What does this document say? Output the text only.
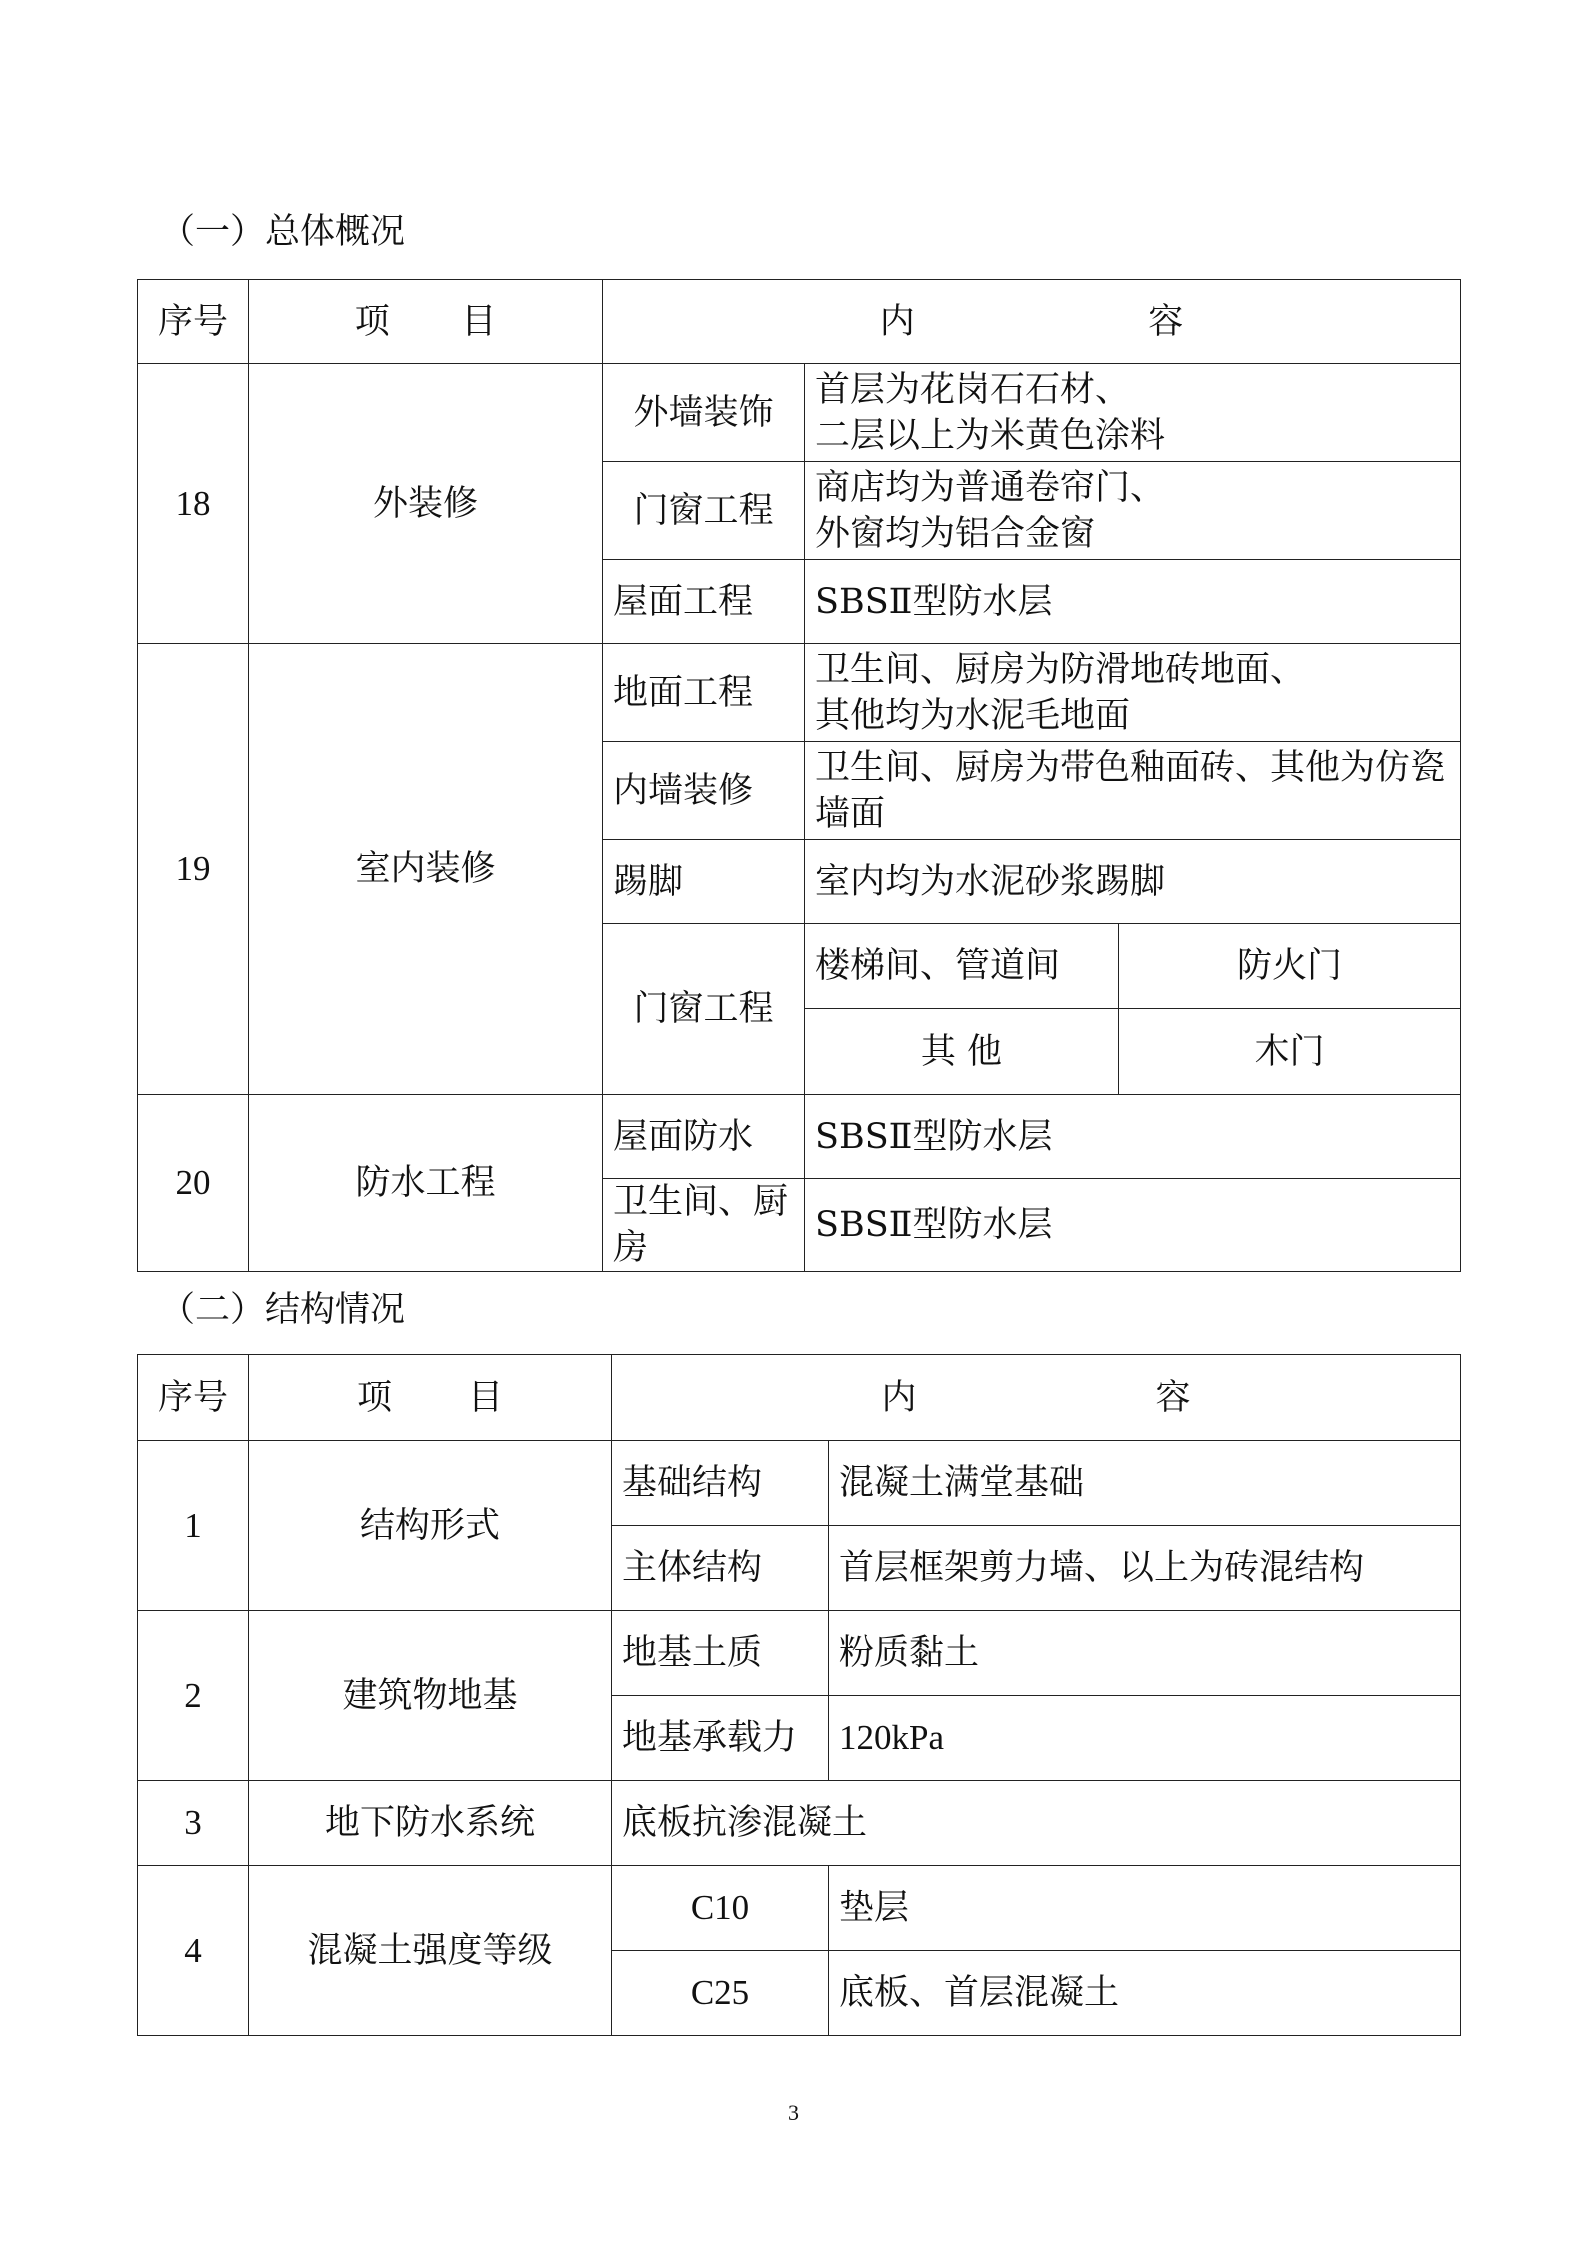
（一）总体概况
序号	项 目	内 容		

18	外装修	外墙装饰	首层为花岗石石材、
二层以上为米黄色涂料	

		门窗工程	商店均为普通卷帘门、
外窗均为铝合金窗	

		屋面工程	SBSⅡ型防水层	
19	室内装修	地面工程	卫生间、厨房为防滑地砖地面、
其他均为水泥毛地面	

		内墙装修	卫生间、厨房为带色釉面砖、其他为仿瓷墙面	
		踢脚	室内均为水泥砂浆踢脚	
		门窗工程	楼梯间、管道间	防火门
			其 他	木门
20	防水工程	屋面防水	SBSⅡ型防水层	
		卫生间、厨房	SBSⅡ型防水层	
（二）结构情况
序号	项 目	内 容	

1	结构形式	基础结构	混凝土满堂基础
		主体结构	首层框架剪力墙、以上为砖混结构
2	建筑物地基	地基土质	粉质黏土
		地基承载力	120kPa
3	地下防水系统	底板抗渗混凝土	
4	混凝土强度等级	C10	垫层
		C25	底板、首层混凝土
3
